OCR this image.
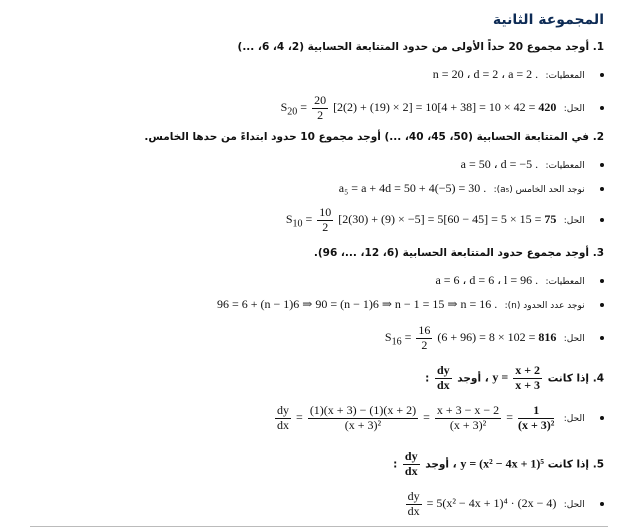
المجموعة الثانية
1. أوجد مجموع 20 حداً الأولى من حدود المتتابعة الحسابية (2، 4، 6، ...)
المعطيات: n = 20 ، d = 2 ، a = 2 .
الحل: $S_{20} = \frac{20}{2} [2(2) + (19) \times 2] = 10[4 + 38] = 10 \times 42 = 420$
2. في المتتابعة الحسابية (50، 45، 40، ...) أوجد مجموع 10 حدود ابتداءً من حدها الخامس.
المعطيات: a = 50 ، d = −5 .
نوجد الحد الخامس (a₅): a₅ = a + 4d = 50 + 4(−5) = 30 .
الحل: $S_{10} = \frac{10}{2} [2(30) + (9) \times -5] = 5[60 - 45] = 5 \times 15 = 75$
3. أوجد مجموع حدود المتتابعة الحسابية (6، 12، ...، 96).
المعطيات: a = 6 ، d = 6 ، l = 96 .
نوجد عدد الحدود (n): 96 = 6 + (n − 1)6 ⇒ 90 = (n − 1)6 ⇒ n − 1 = 15 ⇒ n = 16 .
الحل: $S_{16} = \frac{16}{2} (6 + 96) = 8 \times 102 = 816$
4. إذا كانت $y = \frac{x + 2}{x + 3}$
، أوجد
$\frac{dy}{dx}$
:
الحل:
$\frac{dy}{dx} = \frac{(1)(x + 3) - (1)(x + 2)}{\text{(x + 3)²}} = \frac{x + 3 - x - 2}{\text{(x + 3)²}} = \frac{1}{\text{(x + 3)²}}$
5. إذا كانت y = (x² − 4x + 1)⁵ ، أوجد
$\frac{dy}{dx}$
:
الحل:
$\frac{dy}{dx} = 5(x^2 - 4x + 1)^4 \cdot (2x - 4)$
